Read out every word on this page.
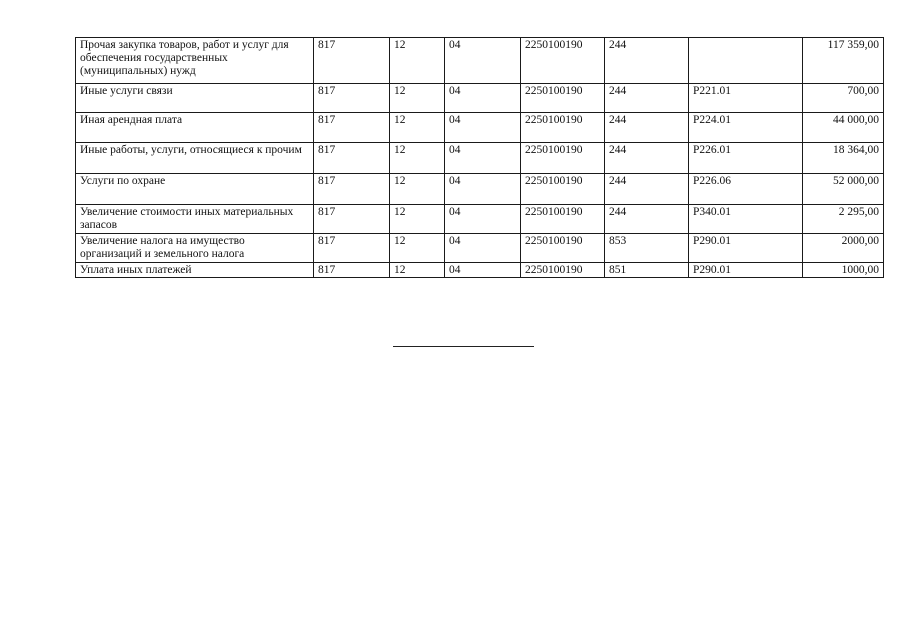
Прочая закупка товаров, работ и услуг для обеспечения государственных (муниципальных) нужд	817	12	04	2250100190	244		117 359,00
Иные услуги связи	817	12	04	2250100190	244	Р221.01	700,00
Иная арендная плата	817	12	04	2250100190	244	Р224.01	44 000,00
Иные работы, услуги, относящиеся к прочим	817	12	04	2250100190	244	Р226.01	18 364,00
Услуги по охране	817	12	04	2250100190	244	Р226.06	52 000,00
Увеличение стоимости иных материальных запасов	817	12	04	2250100190	244	Р340.01	2 295,00
Увеличение налога на имущество организаций и земельного налога	817	12	04	2250100190	853	Р290.01	2000,00
Уплата иных платежей	817	12	04	2250100190	851	Р290.01	1000,00
